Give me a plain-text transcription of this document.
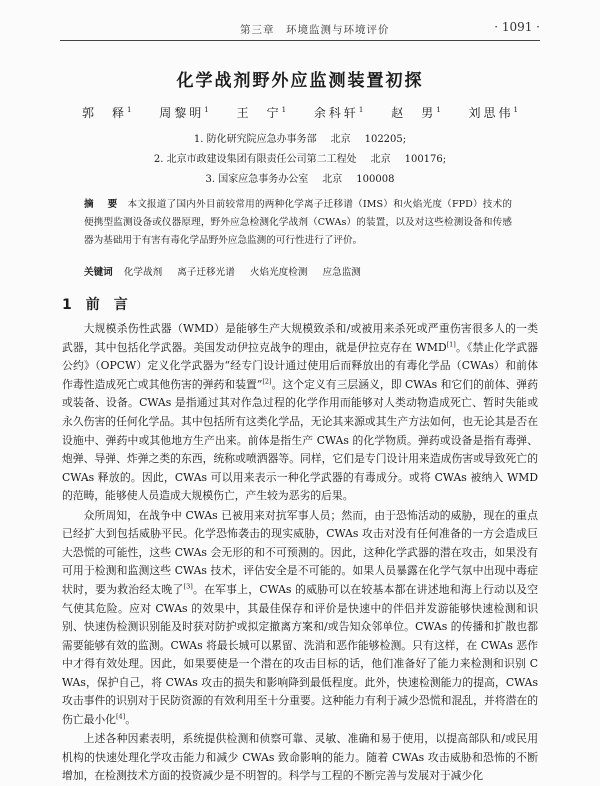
第三章　环境监测与环境评价	· 1091 ·
化学战剂野外应监测装置初探
郭　释$^1$ 周黎明$^1$ 王　宁$^1$ 余科轩$^1$ 赵　男$^1$ 刘思伟$^1$
1. 防化研究院应急办事务部 北京 102205;
2. 北京市政建设集团有限责任公司第二工程处 北京 100176;
3. 国家应急事务办公室 北京 100008
摘　要 本文报道了国内外目前较常用的两种化学离子迁移谱（IMS）和火焰光度（FPD）技术的便携型监测设备或仪器原理，野外应急检测化学战剂（CWAs）的装置，以及对这些检测设备和传感器为基础用于有害有毒化学品野外应急监测的可行性进行了评价。
关键词 化学战剂 离子迁移光谱 火焰光度检测 应急监测
1 前　言

大规模杀伤性武器（WMD）是能够生产大规模致杀和/或被用来杀死或严重伤害很多人的一类武器，其中包括化学武器。美国发动伊拉克战争的理由，就是伊拉克存在 WMD[1]。《禁止化学武器公约》（OPCW）定义化学武器为“经专门设计通过使用后而释放出的有毒化学品（CWAs）和前体作毒性造成死亡或其他伤害的弹药和装置”[2]。这个定义有三层涵义，即 CWAs 和它们的前体、弹药或装备、设备。CWAs 是指通过其对作急过程的化学作用而能够对人类动物造成死亡、暂时失能或永久伤害的任何化学品。其中包括所有这类化学品，无论其来源或其生产方法如何，也无论其是否在设施中、弹药中或其他地方生产出来。前体是指生产 CWAs 的化学物质。弹药或设备是指有毒弹、炮弹、导弹、炸弹之类的东西，统称或喷洒器等。同样，它们是专门设计用来造成伤害或导致死亡的 CWAs 释放的。因此，CWAs 可以用来表示一种化学武器的有毒成分。或将 CWAs 被纳入 WMD 的范畴，能够使人员造成大规模伤亡，产生较为恶劣的后果。

众所周知，在战争中 CWAs 已被用来对抗军事人员；然而，由于恐怖活动的威胁，现在的重点已经扩大到包括威胁平民。化学恐怖袭击的现实威胁，CWAs 攻击对没有任何准备的一方会造成巨大恐慌的可能性，这些 CWAs 会无形的和不可预测的。因此，这种化学武器的潜在攻击，如果没有可用于检测和监测这些 CWAs 技术，评估安全是不可能的。如果人员暴露在化学气氛中出现中毒症状时，要为救治经太晚了[3]。在军事上，CWAs 的威胁可以在较基本都在讲述地和海上行动以及空气使其危险。应对 CWAs 的效果中，其最佳保存和评价是快速中的伴侣并发游能够快速检测和识别、快速伪检测识别能及时获对防护或拟定撤离方案和/或告知众邻单位。CWAs 的传播和扩散也都需要能够有效的监测。CWAs 将最长城可以累留、洗消和恶作能够检测。只有这样，在 CWAs 恶作中才得有效处理。因此，如果要使是一个潜在的攻击目标的话，他们准备好了能力来检测和识别 CWAs，保护自己，将 CWAs 攻击的损失和影响降到最低程度。此外，快速检测能力的提高，CWAs 攻击事件的识别对于民防资源的有效利用至十分重要。这种能力有利于减少恐慌和混乱，并将潜在的伤亡最小化[4]。

上述各种因素表明，系统提供检测和侦察可靠、灵敏、准确和易于使用，以提高部队和/或民用机构的快速处理化学攻击能力和减少 CWAs 致命影响的能力。随着 CWAs 攻击威胁和恐怖的不断增加，在检测技术方面的投资减少是不明智的。科学与工程的不断完善与发展对于减少化
